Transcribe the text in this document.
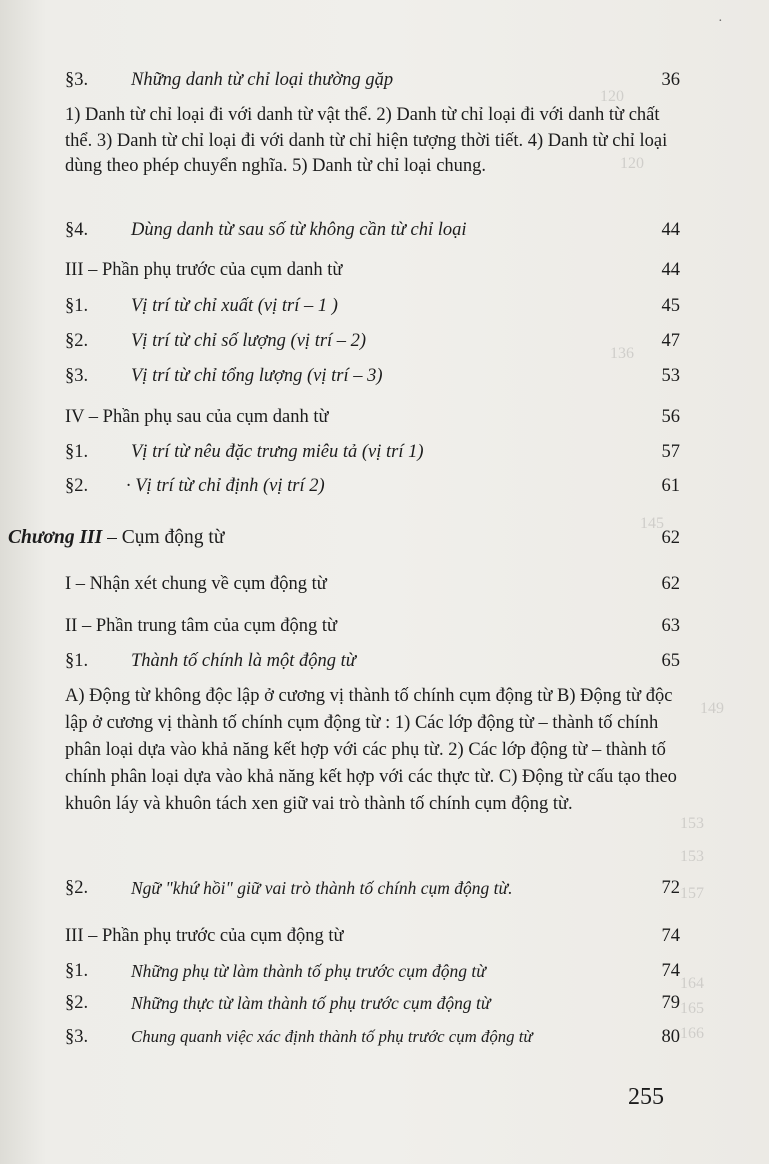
120
120
136
145
149
153
153
157
164
165
166
·
§3.	Những danh từ chỉ loại thường gặp	36
1) Danh từ chỉ loại đi với danh từ vật thể. 2) Danh từ chỉ loại đi với danh từ chất thể. 3) Danh từ chỉ loại đi với danh từ chỉ hiện tượng thời tiết. 4) Danh từ chỉ loại dùng theo phép chuyển nghĩa. 5) Danh từ chỉ loại chung.
§4.	Dùng danh từ sau số từ không cần từ chỉ loại	44
III – Phần phụ trước của cụm danh từ	44
§1.	Vị trí từ chỉ xuất (vị trí – 1 )	45
§2.	Vị trí từ chỉ số lượng (vị trí – 2)	47
§3.	Vị trí từ chỉ tổng lượng (vị trí – 3)	53
IV – Phần phụ sau của cụm danh từ	56
§1.	Vị trí từ nêu đặc trưng miêu tả (vị trí 1)	57
§2.	· Vị trí từ chỉ định (vị trí 2)	61
Chương III – Cụm động từ	62
I – Nhận xét chung về cụm động từ	62
II – Phần trung tâm của cụm động từ	63
§1.	Thành tố chính là một động từ	65
A) Động từ không độc lập ở cương vị thành tố chính cụm động từ B) Động từ độc lập ở cương vị thành tố chính cụm động từ : 1) Các lớp động từ – thành tố chính phân loại dựa vào khả năng kết hợp với các phụ từ. 2) Các lớp động từ – thành tố chính phân loại dựa vào khả năng kết hợp với các thực từ. C) Động từ cấu tạo theo khuôn láy và khuôn tách xen giữ vai trò thành tố chính cụm động từ.
§2.	Ngữ "khứ hồi" giữ vai trò thành tố chính cụm động từ.	72
III – Phần phụ trước của cụm động từ	74
§1.	Những phụ từ làm thành tố phụ trước cụm động từ	74
§2.	Những thực từ làm thành tố phụ trước cụm động từ	79
§3.	Chung quanh việc xác định thành tố phụ trước cụm động từ	80
255
